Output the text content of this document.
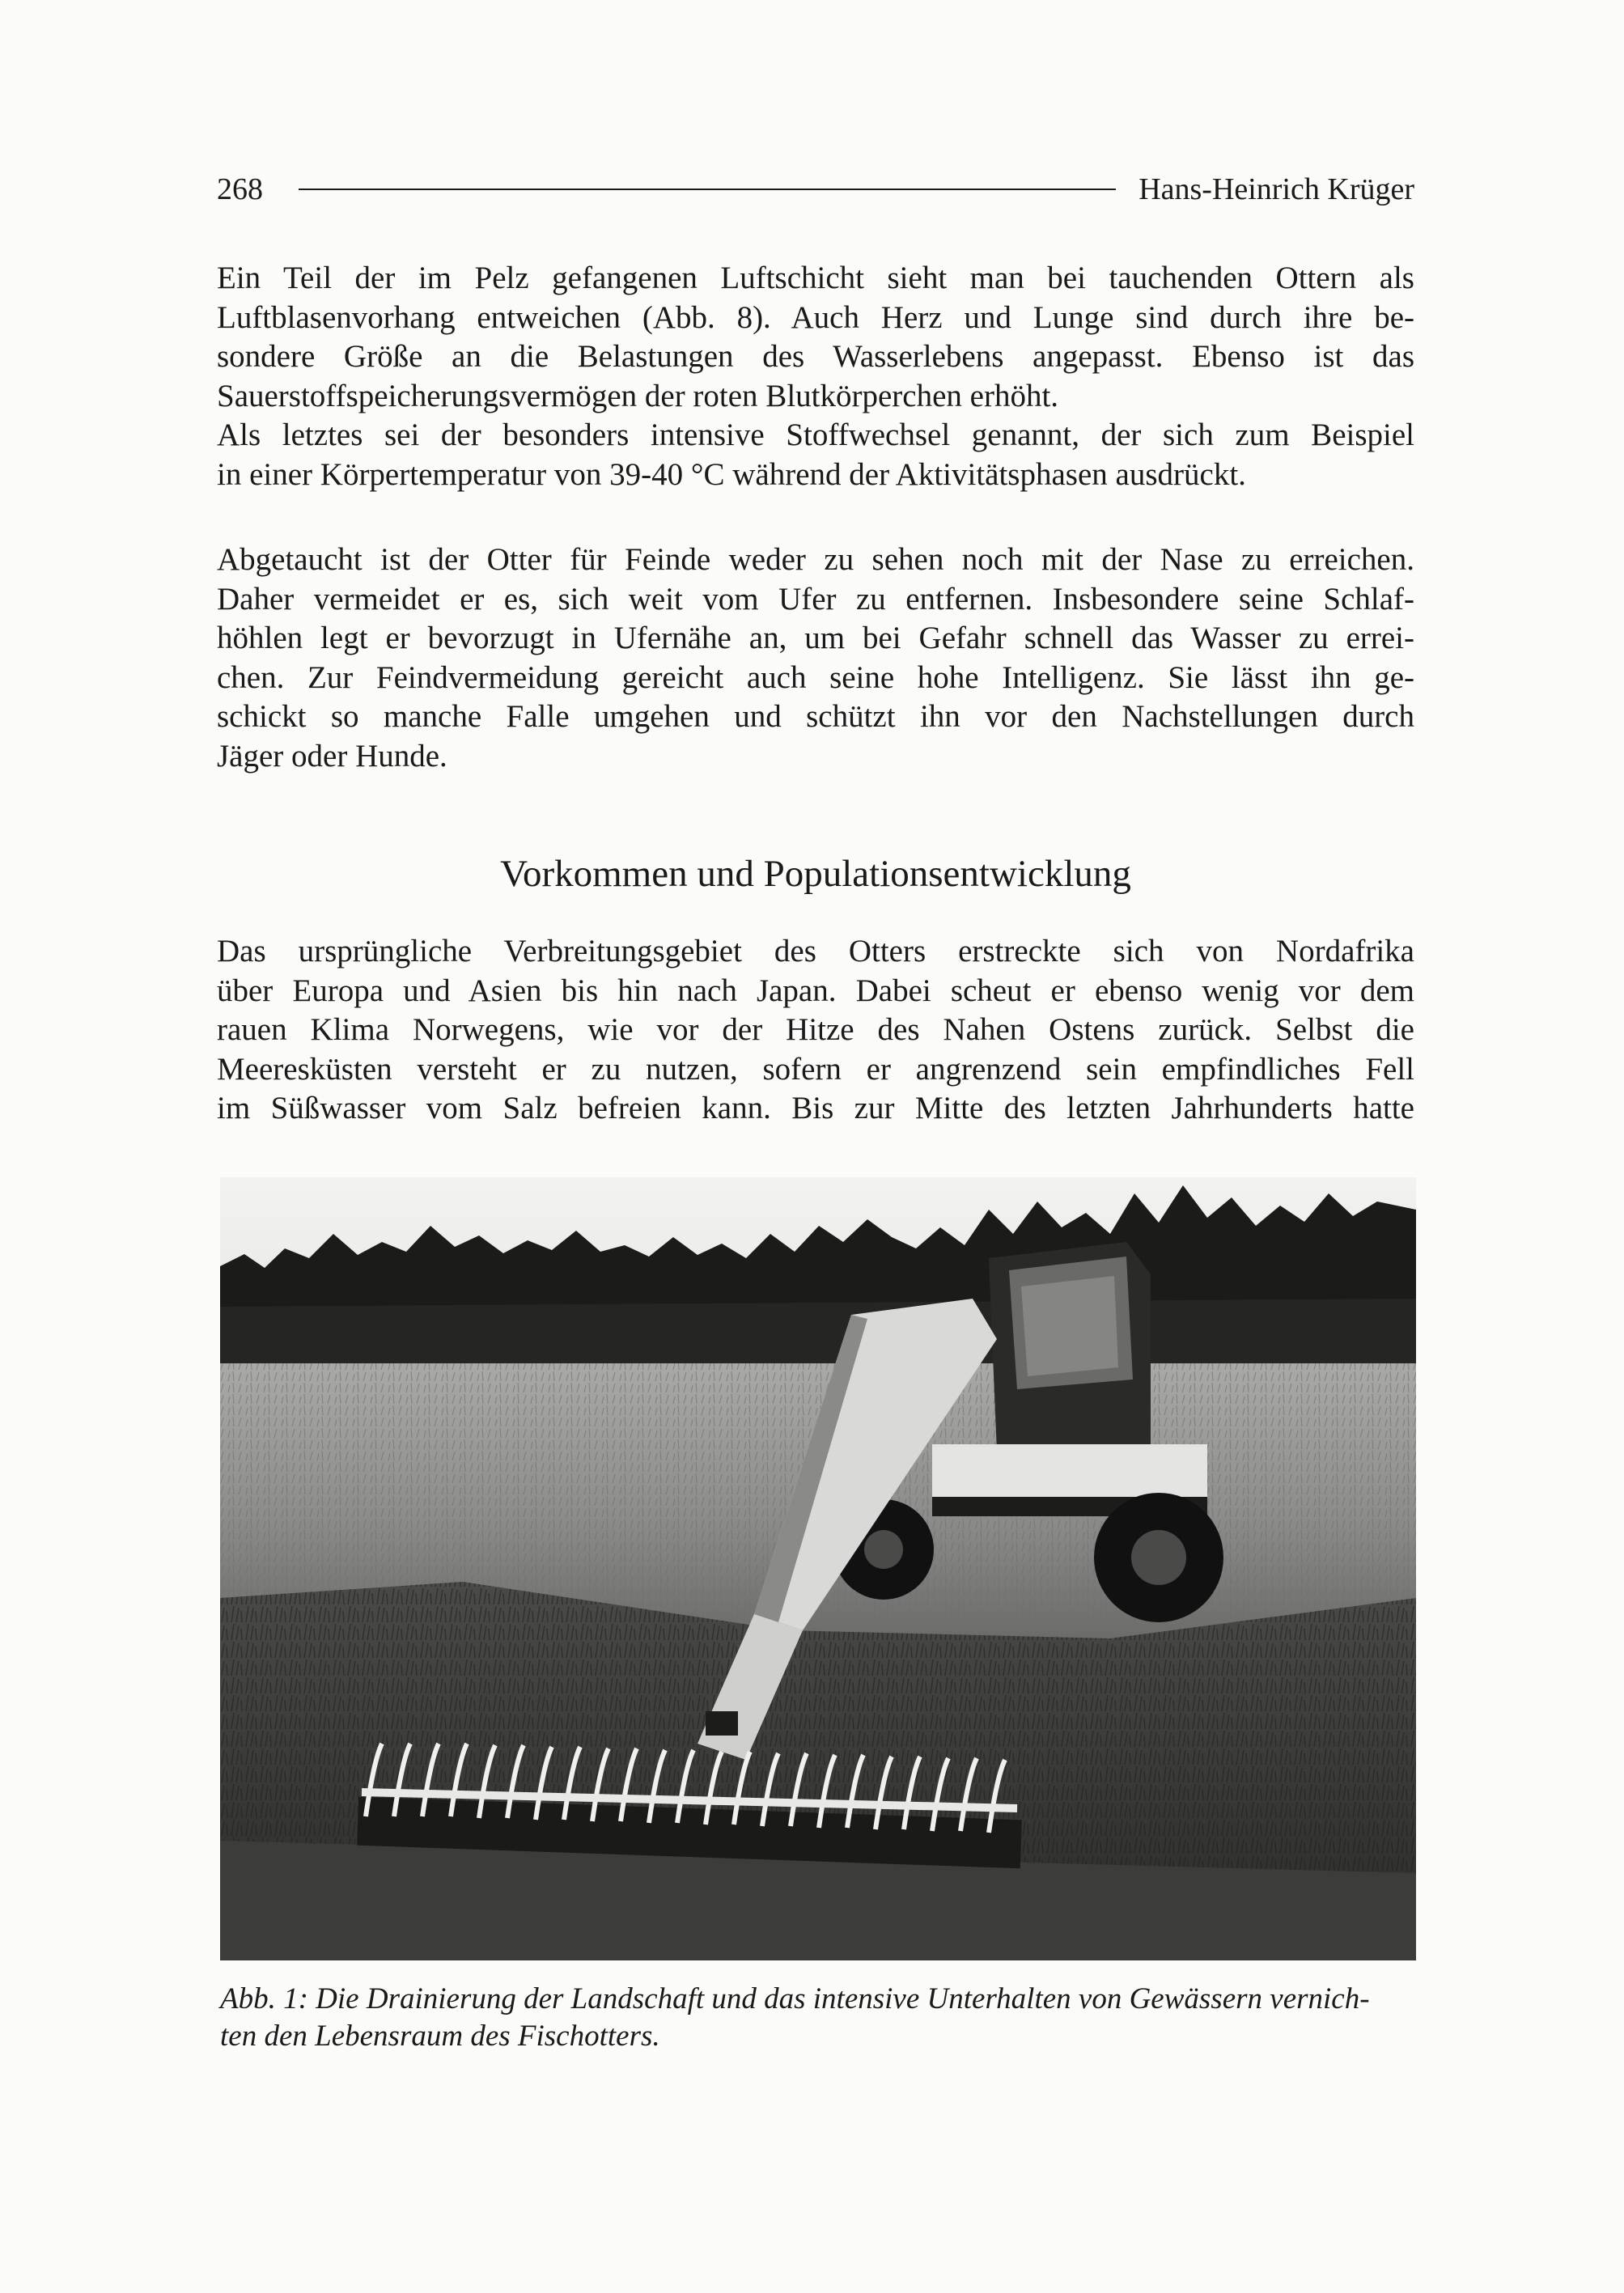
268	Hans-Heinrich Krüger

Ein Teil der im Pelz gefangenen Luftschicht sieht man bei tauchenden Ottern als
Luftblasenvorhang entweichen (Abb. 8). Auch Herz und Lunge sind durch ihre be-
sondere Größe an die Belastungen des Wasserlebens angepasst. Ebenso ist das
Sauerstoffspeicherungsvermögen der roten Blutkörperchen erhöht.
Als letztes sei der besonders intensive Stoffwechsel genannt, der sich zum Beispiel
in einer Körpertemperatur von 39-40 °C während der Aktivitätsphasen ausdrückt.

Abgetaucht ist der Otter für Feinde weder zu sehen noch mit der Nase zu erreichen.
Daher vermeidet er es, sich weit vom Ufer zu entfernen. Insbesondere seine Schlaf-
höhlen legt er bevorzugt in Ufernähe an, um bei Gefahr schnell das Wasser zu errei-
chen. Zur Feindvermeidung gereicht auch seine hohe Intelligenz. Sie lässt ihn ge-
schickt so manche Falle umgehen und schützt ihn vor den Nachstellungen durch
Jäger oder Hunde.

Vorkommen und Populationsentwicklung

Das ursprüngliche Verbreitungsgebiet des Otters erstreckte sich von Nordafrika
über Europa und Asien bis hin nach Japan. Dabei scheut er ebenso wenig vor dem
rauen Klima Norwegens, wie vor der Hitze des Nahen Ostens zurück. Selbst die
Meeresküsten versteht er zu nutzen, sofern er angrenzend sein empfindliches Fell
im Süßwasser vom Salz befreien kann. Bis zur Mitte des letzten Jahrhunderts hatte

Abb. 1: Die Drainierung der Landschaft und das intensive Unterhalten von Gewässern vernich-
ten den Lebensraum des Fischotters.
